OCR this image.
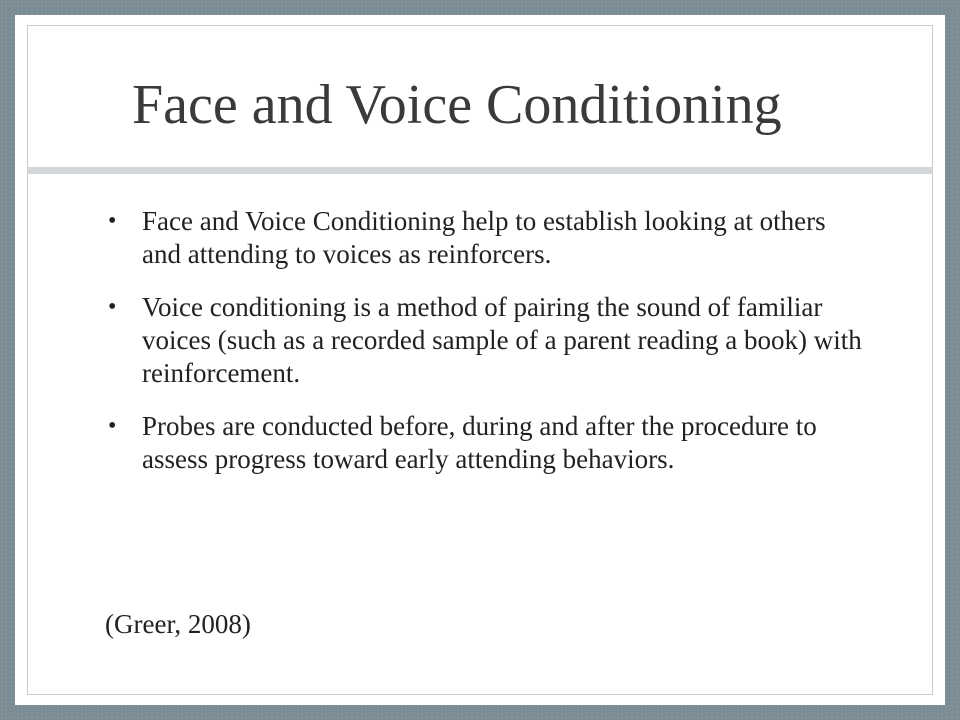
Face and Voice Conditioning
• Face and Voice Conditioning help to establish looking at others and attending to voices as reinforcers.
• Voice conditioning is a method of pairing the sound of familiar voices (such as a recorded sample of a parent reading a book) with reinforcement.
• Probes are conducted before, during and after the procedure to assess progress toward early attending behaviors.

(Greer, 2008)
